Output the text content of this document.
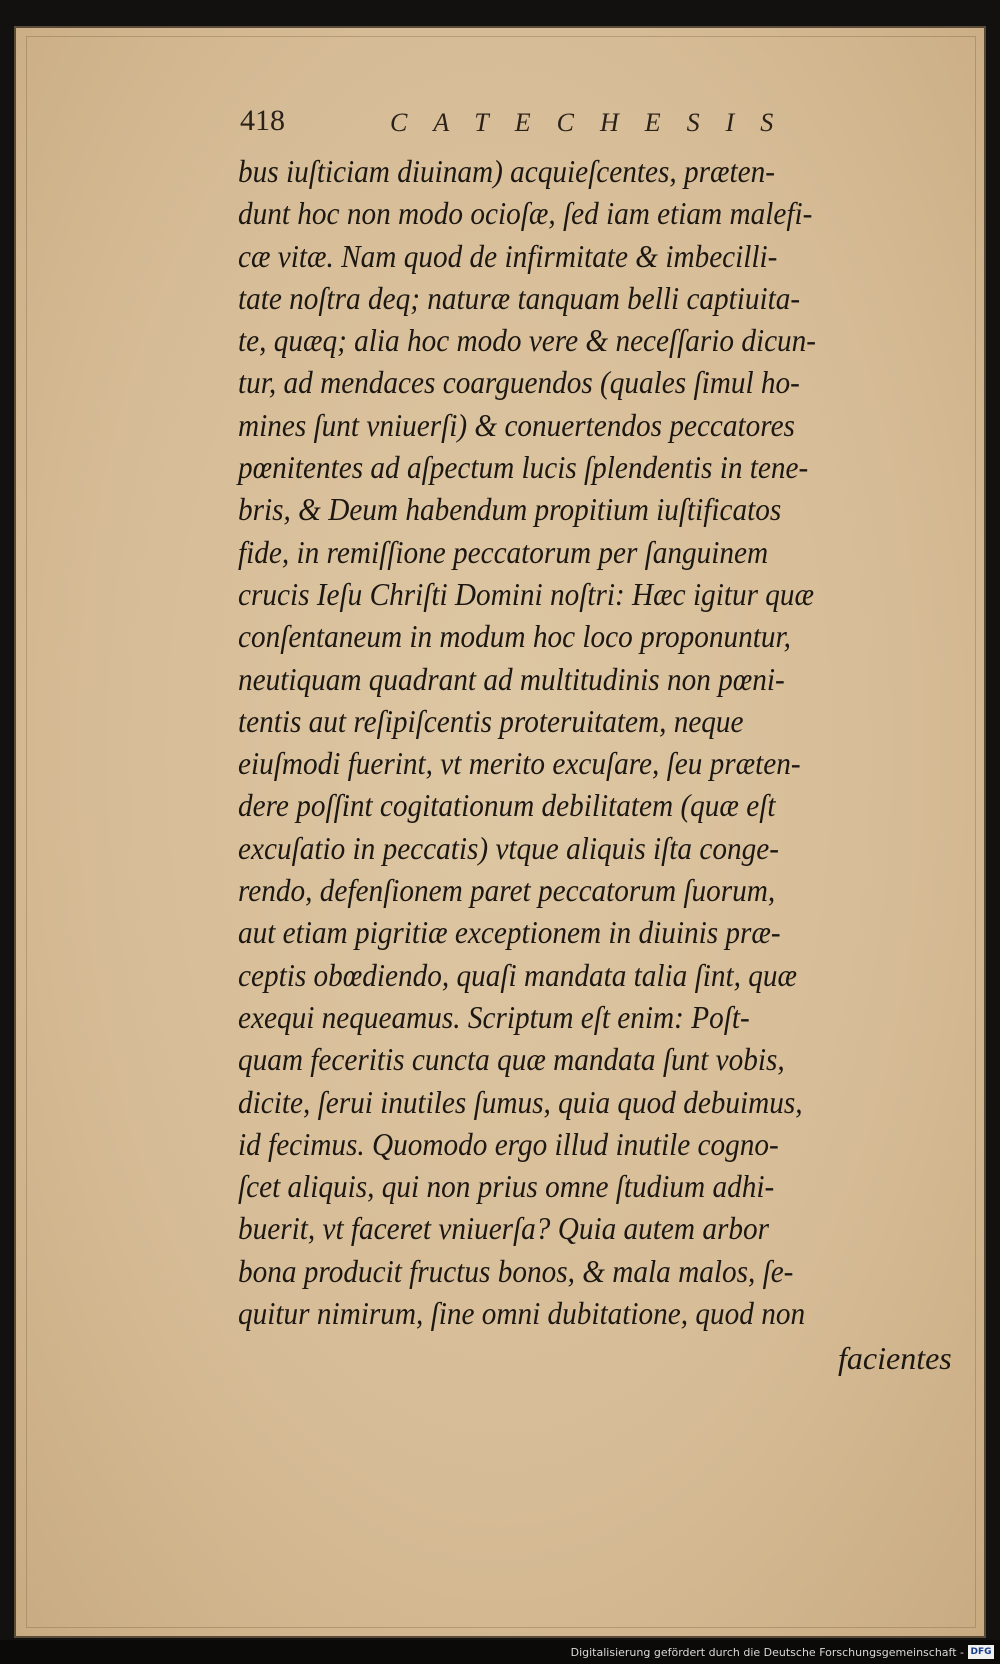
418	CATECHESIS
bus iuſticiam diuinam) acquieſcentes, præten-
dunt hoc non modo ocioſæ, ſed iam etiam malefi-
cæ vitæ. Nam quod de infirmitate & imbecilli-
tate noſtra deq; naturæ tanquam belli captiuita-
te, quæq; alia hoc modo vere & neceſſario dicun-
tur, ad mendaces coarguendos (quales ſimul ho-
mines ſunt vniuerſi) & conuertendos peccatores
pœnitentes ad aſpectum lucis ſplendentis in tene-
bris, & Deum habendum propitium iuſtificatos
fide, in remiſſione peccatorum per ſanguinem
crucis Ieſu Chriſti Domini noſtri: Hæc igitur quæ
conſentaneum in modum hoc loco proponuntur,
neutiquam quadrant ad multitudinis non pœni-
tentis aut reſipiſcentis proteruitatem, neque
eiuſmodi fuerint, vt merito excuſare, ſeu præten-
dere poſſint cogitationum debilitatem (quæ eſt
excuſatio in peccatis) vtque aliquis iſta conge-
rendo, defenſionem paret peccatorum ſuorum,
aut etiam pigritiæ exceptionem in diuinis præ-
ceptis obœdiendo, quaſi mandata talia ſint, quæ
exequi nequeamus. Scriptum eſt enim: Poſt-
quam feceritis cuncta quæ mandata ſunt vobis,
dicite, ſerui inutiles ſumus, quia quod debuimus,
id fecimus. Quomodo ergo illud inutile cogno-
ſcet aliquis, qui non prius omne ſtudium adhi-
buerit, vt faceret vniuerſa? Quia autem arbor
bona producit fructus bonos, & mala malos, ſe-
quitur nimirum, ſine omni dubitatione, quod non
facientes
Digitalisierung gefördert durch die Deutsche Forschungsgemeinschaft - DFG
